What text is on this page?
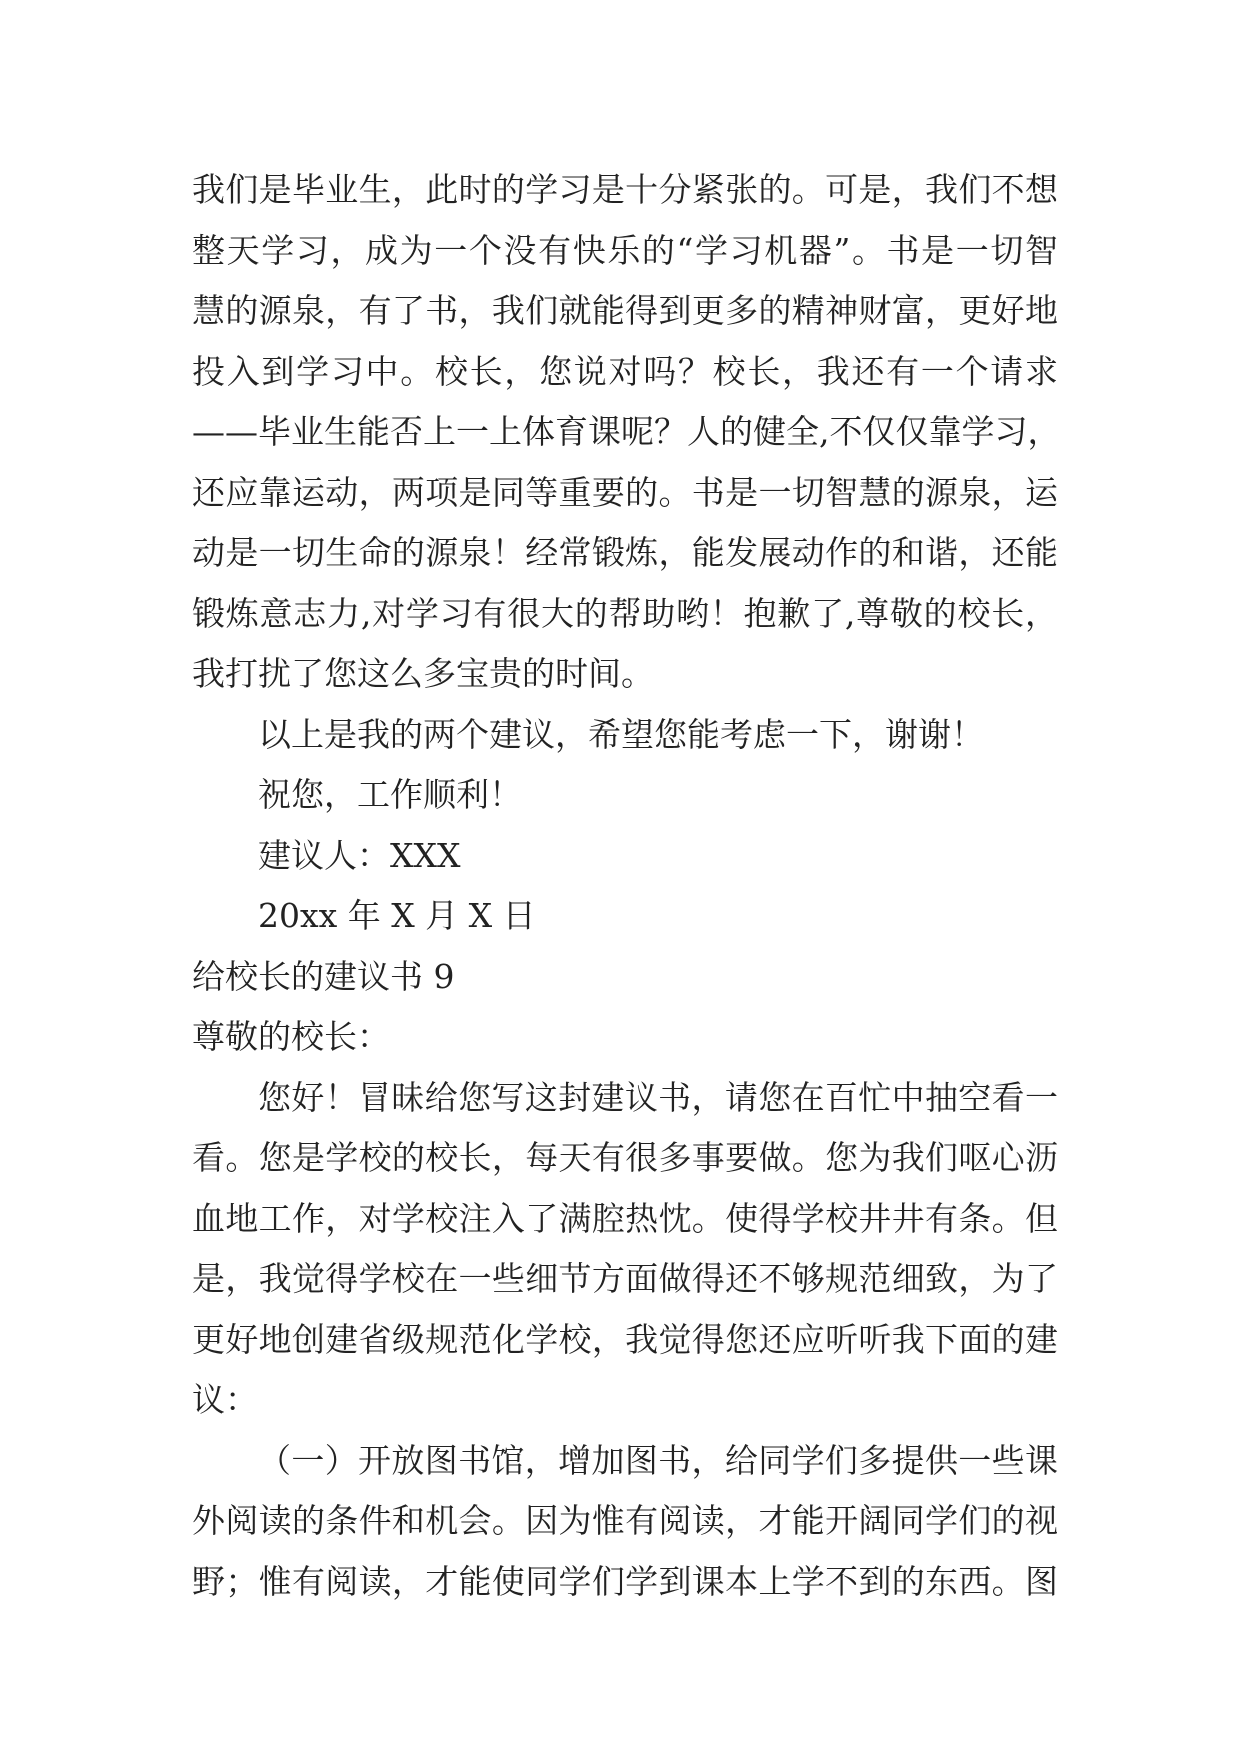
我们是毕业生，此时的学习是十分紧张的。可是，我们不想
整天学习，成为一个没有快乐的“学习机器”。书是一切智
慧的源泉，有了书，我们就能得到更多的精神财富，更好地
投入到学习中。校长，您说对吗？校长，我还有一个请求
——毕业生能否上一上体育课呢？人的健全,不仅仅靠学习，
还应靠运动，两项是同等重要的。书是一切智慧的源泉，运
动是一切生命的源泉！经常锻炼，能发展动作的和谐，还能
锻炼意志力,对学习有很大的帮助哟！抱歉了,尊敬的校长，
我打扰了您这么多宝贵的时间。
以上是我的两个建议，希望您能考虑一下，谢谢！
祝您，工作顺利！
建议人：XXX
20xx 年 X 月 X 日
给校长的建议书 9
尊敬的校长：
您好！冒昧给您写这封建议书，请您在百忙中抽空看一
看。您是学校的校长，每天有很多事要做。您为我们呕心沥
血地工作，对学校注入了满腔热忱。使得学校井井有条。但
是，我觉得学校在一些细节方面做得还不够规范细致，为了
更好地创建省级规范化学校，我觉得您还应听听我下面的建
议：
（一）开放图书馆，增加图书，给同学们多提供一些课
外阅读的条件和机会。因为惟有阅读，才能开阔同学们的视
野；惟有阅读，才能使同学们学到课本上学不到的东西。图
